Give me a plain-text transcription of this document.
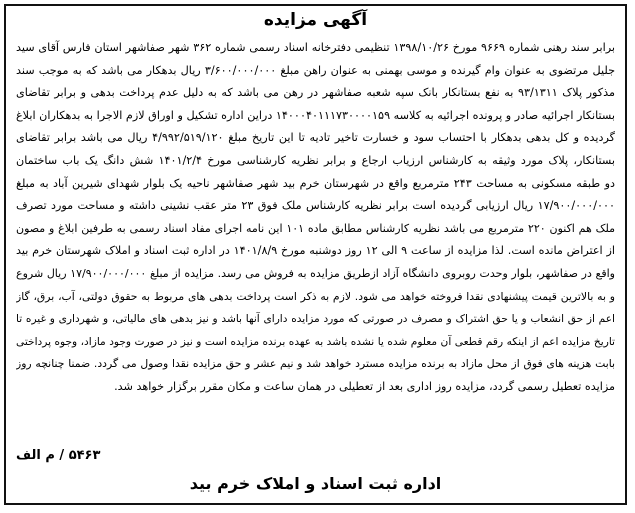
آگهی مزایده
برابر سند رهنی شماره ۹۶۶۹ مورخ ۱۳۹۸/۱۰/۲۶ تنظیمی دفترخانه اسناد رسمی شماره ۳۶۲ شهر صفاشهر استان فارس آقای سید
جلیل مرتضوی به عنوان وام گیرنده و موسی بهمنی به عنوان راهن مبلغ ۳/۶۰۰/۰۰۰/۰۰۰ ریال بدهکار می باشد که به موجب سند
مذکور پلاک ۹۳/۱۳۱۱ به نفع بستانکار بانک سپه شعبه صفاشهر در رهن می باشد که به دلیل عدم پرداخت بدهی و برابر تقاضای
بستانکار اجرائیه صادر و پرونده اجرائیه به کلاسه ۱۴۰۰۰۴۰۱۱۱۷۳۰۰۰۰۱۵۹ دراین اداره تشکیل و اوراق لازم الاجرا به بدهکاران ابلاغ
گردیده و کل بدهی بدهکار با احتساب سود و خسارت تاخیر تادیه تا این تاریخ مبلغ ۴/۹۹۲/۵۱۹/۱۲۰ ریال می باشد برابر تقاضای
بستانکار، پلاک مورد وثیقه به کارشناس ارزیاب ارجاع و برابر نظریه کارشناسی مورخ ۱۴۰۱/۲/۴ شش دانگ یک باب ساختمان
دو طبقه مسکونی به مساحت ۲۴۳ مترمربع واقع در شهرستان خرم بید شهر صفاشهر ناحیه یک بلوار شهدای شیرین آباد به مبلغ
۱۷/۹۰۰/۰۰۰/۰۰۰ ریال ارزیابی گردیده است برابر نظریه کارشناس ملک فوق ۲۳ متر عقب نشینی داشته و مساحت مورد تصرف
ملک هم اکنون ۲۲۰ مترمربع می باشد نظریه کارشناس مطابق ماده ۱۰۱ این نامه اجرای مفاد اسناد رسمی به طرفین ابلاغ و مصون
از اعتراض مانده است. لذا مزایده از ساعت ۹ الی ۱۲ روز دوشنبه مورخ ۱۴۰۱/۸/۹ در اداره ثبت اسناد و املاک شهرستان خرم بید
واقع در صفاشهر، بلوار وحدت روبروی دانشگاه آزاد ازطریق مزایده به فروش می رسد. مزایده از مبلغ ۱۷/۹۰۰/۰۰۰/۰۰۰ ریال شروع
و به بالاترین قیمت پیشنهادی نقدا فروخته خواهد می شود. لازم به ذکر است پرداخت بدهی های مربوط به حقوق دولتی، آب، برق، گاز
اعم از حق انشعاب و یا حق اشتراک و مصرف در صورتی که مورد مزایده دارای آنها باشد و نیز بدهی های مالیاتی، و شهرداری و غیره تا
تاریخ مزایده اعم از اینکه رقم قطعی آن معلوم شده یا نشده باشد به عهده برنده مزایده است و نیز در صورت وجود مازاد، وجوه پرداختی
بابت هزینه های فوق از محل مازاد به برنده مزایده مسترد خواهد شد و نیم عشر و حق مزایده نقدا وصول می گردد. ضمنا چنانچه روز
مزایده تعطیل رسمی گردد، مزایده روز اداری بعد از تعطیلی در همان ساعت و مکان مقرر برگزار خواهد شد.
۵۴۶۳ / م الف
اداره ثبت اسناد و املاک خرم بید
